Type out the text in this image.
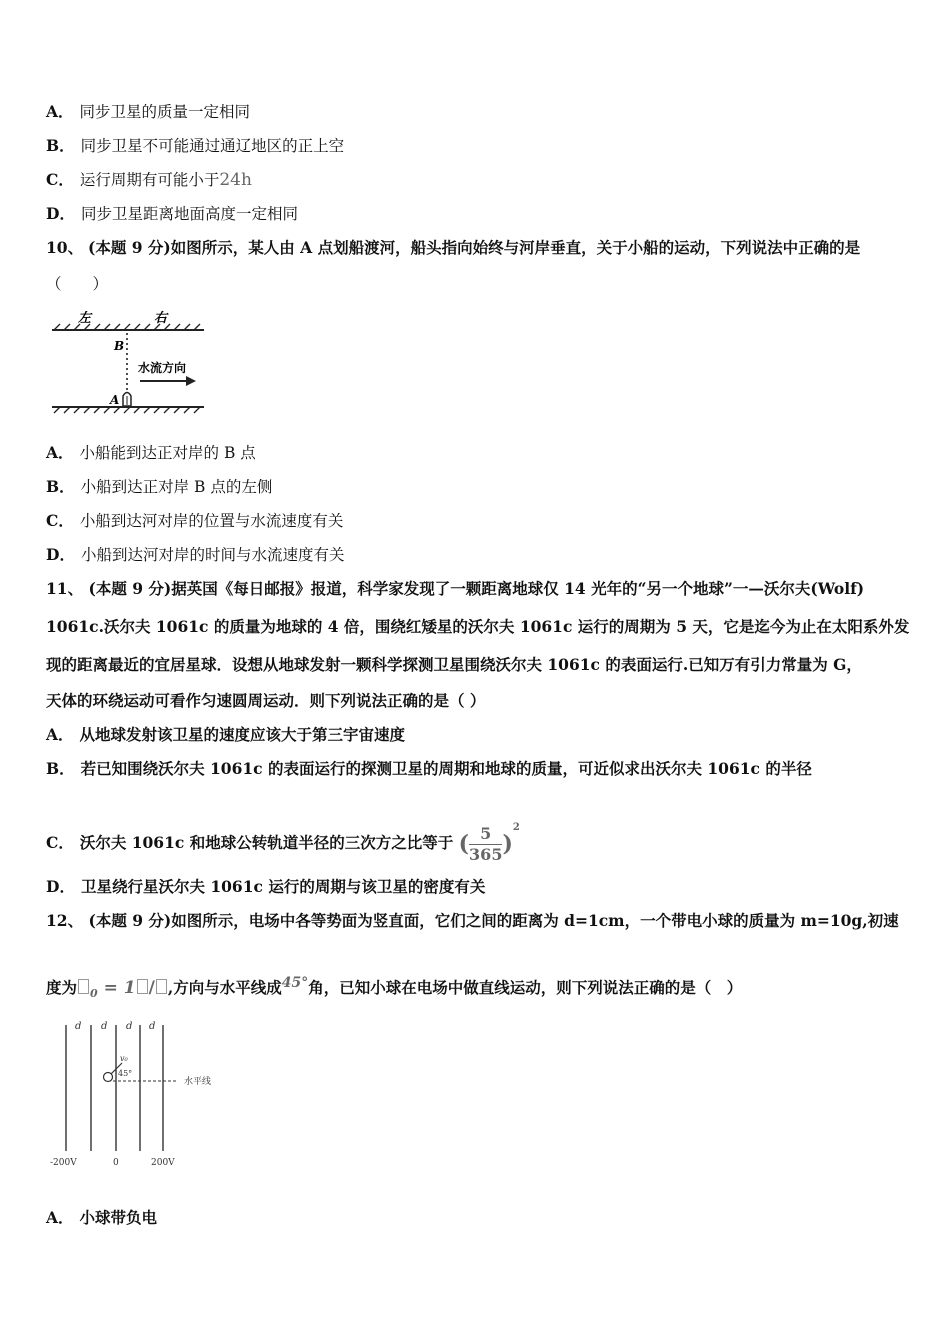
A． 同步卫星的质量一定相同
B． 同步卫星不可能通过通辽地区的正上空
C． 运行周期有可能小于24h
D． 同步卫星距离地面高度一定相同
10、 (本题 9 分)如图所示，某人由 A 点划船渡河，船头指向始终与河岸垂直，关于小船的运动，下列说法中正确的是
（　　）
左	右
B
A
水流方向
A． 小船能到达正对岸的 B 点
B． 小船到达正对岸 B 点的左侧
C． 小船到达河对岸的位置与水流速度有关
D． 小船到达河对岸的时间与水流速度有关
11、 (本题 9 分)据英国《每日邮报》报道，科学家发现了一颗距离地球仅 14 光年的“另一个地球”一—沃尔夫(Wolf)
1061c.沃尔夫 1061c 的质量为地球的 4 倍，围绕红矮星的沃尔夫 1061c 运行的周期为 5 天，它是迄今为止在太阳系外发
现的距离最近的宜居星球．设想从地球发射一颗科学探测卫星围绕沃尔夫 1061c 的表面运行.已知万有引力常量为 G，
天体的环绕运动可看作匀速圆周运动．则下列说法正确的是（ ）
A． 从地球发射该卫星的速度应该大于第三宇宙速度
B． 若已知围绕沃尔夫 1061c 的表面运行的探测卫星的周期和地球的质量，可近似求出沃尔夫 1061c 的半径
C． 沃尔夫 1061c 和地球公转轨道半径的三次方之比等于 ( $\frac{5}{365} )^2$
D． 卫星绕行星沃尔夫 1061c 运行的周期与该卫星的密度有关
12、 (本题 9 分)如图所示，电场中各等势面为竖直面，它们之间的距离为 d=1cm，一个带电小球的质量为 m=10g,初速
度为 $_0$ = 1 / ,方向与水平线成45°角，已知小球在电场中做直线运动，则下列说法正确的是（　）
d d d d
水平线
v₀
45°
-200V	0	200V
A． 小球带负电
